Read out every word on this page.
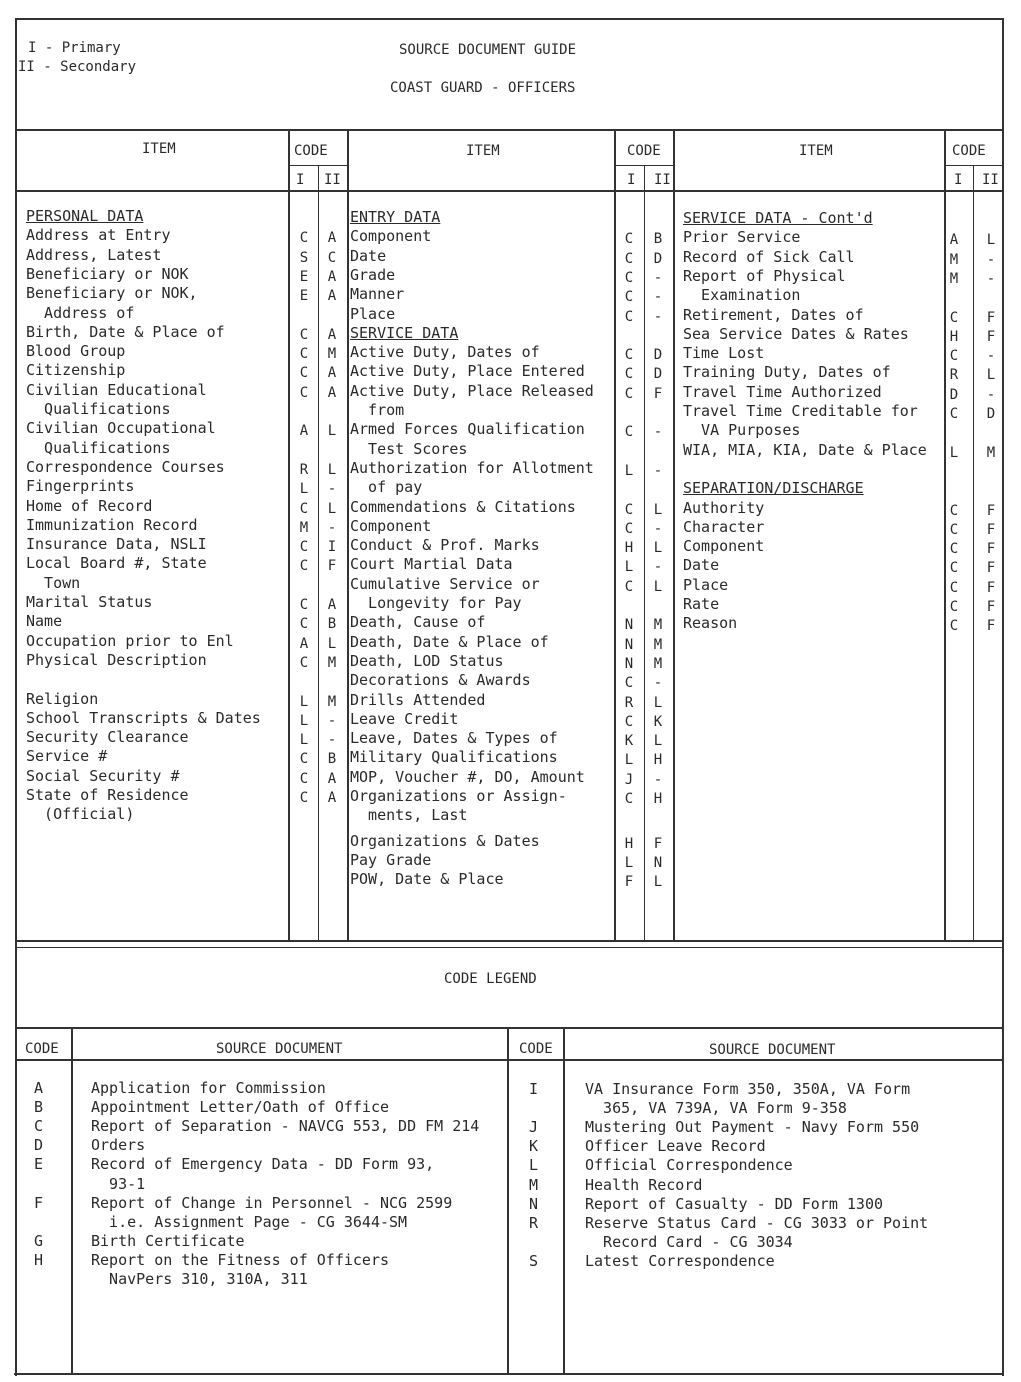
I - Primary
II - Secondary
SOURCE DOCUMENT GUIDE
COAST GUARD - OFFICERS
ITEM	CODE
I II
ITEM	CODE
I II
ITEM	CODE
I II
PERSONAL DATA
Address at Entry	C A
Address, Latest	S C
Beneficiary or NOK	E A
Beneficiary or NOK,	E A
Address of
Birth, Date & Place of	C A
Blood Group	C M
Citizenship	C A
Civilian Educational	C A
Qualifications
Civilian Occupational	A L
Qualifications
Correspondence Courses	R L
Fingerprints	L -
Home of Record	C L
Immunization Record	M -
Insurance Data, NSLI	C I
Local Board #, State	C F
Town
Marital Status	C A
Name	C B
Occupation prior to Enl	A L
Physical Description	C M
Religion	L M
School Transcripts & Dates	L -
Security Clearance	L -
Service #	C B
Social Security #	C A
State of Residence	C A
(Official)
ENTRY DATA
Component	C B
Date	C D
Grade	C -
Manner	C -
Place	C -
SERVICE DATA
Active Duty, Dates of	C D
Active Duty, Place Entered	C D
Active Duty, Place Released C F
from
Armed Forces Qualification	C -
Test Scores
Authorization for Allotment L -
of pay
Commendations & Citations	C L
Component	C -
Conduct & Prof. Marks	H L
Court Martial Data	L -
Cumulative Service or	C L
Longevity for Pay
Death, Cause of	N M
Death, Date & Place of	N M
Death, LOD Status	N M
Decorations & Awards	C -
Drills Attended	R L
Leave Credit	C K
Leave, Dates & Types of	K L
Military Qualifications	L H
MOP, Voucher #, DO, Amount	J -
Organizations or Assign-	C H
ments, Last
Organizations & Dates	H F
Pay Grade	L N
POW, Date & Place	F L
SERVICE DATA - Cont'd
Prior Service	A L
Record of Sick Call	M -
Report of Physical	M -
Examination
Retirement, Dates of	C F
Sea Service Dates & Rates	H F
Time Lost	C -
Training Duty, Dates of	R L
Travel Time Authorized	D -
Travel Time Creditable for C D
VA Purposes
WIA, MIA, KIA, Date & Place L M
SEPARATION/DISCHARGE
Authority	C F
Character	C F
Component	C F
Date	C F
Place	C F
Rate	C F
Reason	C F
CODE LEGEND
CODE	SOURCE DOCUMENT	CODE	SOURCE DOCUMENT
A	Application for Commission
B	Appointment Letter/Oath of Office
C	Report of Separation - NAVCG 553, DD FM 214
D	Orders
E	Record of Emergency Data - DD Form 93,
93-1
F	Report of Change in Personnel - NCG 2599
i.e. Assignment Page - CG 3644-SM
G	Birth Certificate
H	Report on the Fitness of Officers
NavPers 310, 310A, 311
I	VA Insurance Form 350, 350A, VA Form
365, VA 739A, VA Form 9-358
J	Mustering Out Payment - Navy Form 550
K	Officer Leave Record
L	Official Correspondence
M	Health Record
N	Report of Casualty - DD Form 1300
R	Reserve Status Card - CG 3033 or Point
Record Card - CG 3034
S	Latest Correspondence
